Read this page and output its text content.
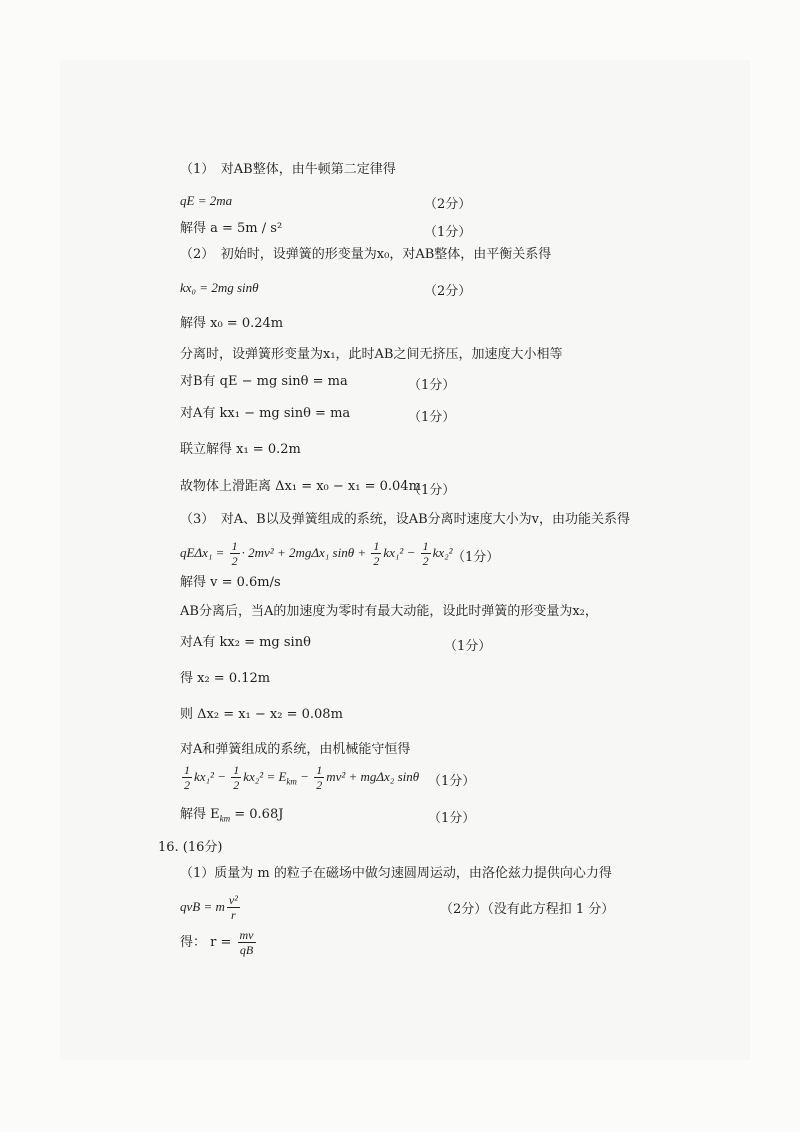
（1）　对AB整体，由牛顿第二定律得
qE = 2ma	（2分）
解得 a = 5m / s²	（1分）
（2）　初始时，设弹簧的形变量为x₀，对AB整体，由平衡关系得
kx₀ = 2mg sinθ	（2分）
解得 x₀ = 0.24m
分离时，设弹簧形变量为x₁，此时AB之间无挤压，加速度大小相等
对B有 qE − mg sinθ = ma	（1分）
对A有 kx₁ − mg sinθ = ma	（1分）
联立解得 x₁ = 0.2m
故物体上滑距离 Δx₁ = x₀ − x₁ = 0.04m
（1分）
（3）　对A、B以及弹簧组成的系统，设AB分离时速度大小为v，由功能关系得
$qE\Delta x_1 = \frac{1}{2} \cdot 2mv^2 + 2mg\Delta x_1$ $\sin\theta + \frac{1}{2} kx_1^2 - \frac{1}{2} kx_2^2$ （1分）
解得 v = 0.6m/s
AB分离后，当A的加速度为零时有最大动能，设此时弹簧的形变量为x₂，
对A有 kx₂ = mg sinθ	（1分）
得 x₂ = 0.12m
则 Δx₂ = x₁ − x₂ = 0.08m
对A和弹簧组成的系统，由机械能守恒得
$\frac{1}{2} kx_1^2 - \frac{1}{2} kx_2^2 = E_{km} - \frac{1}{2} mv^2 + mg\Delta x_2$ sinθ （1分）
解得 $E_{km} = 0.68J$	（1分）
16. (16分)
（1）质量为 m 的粒子在磁场中做匀速圆周运动，由洛伦兹力提供向心力得
qvB = m $\frac{\text{v²}}{r}$	（2分）（没有此方程扣 1 分）
得： $r = \frac{mv}{qB}$
